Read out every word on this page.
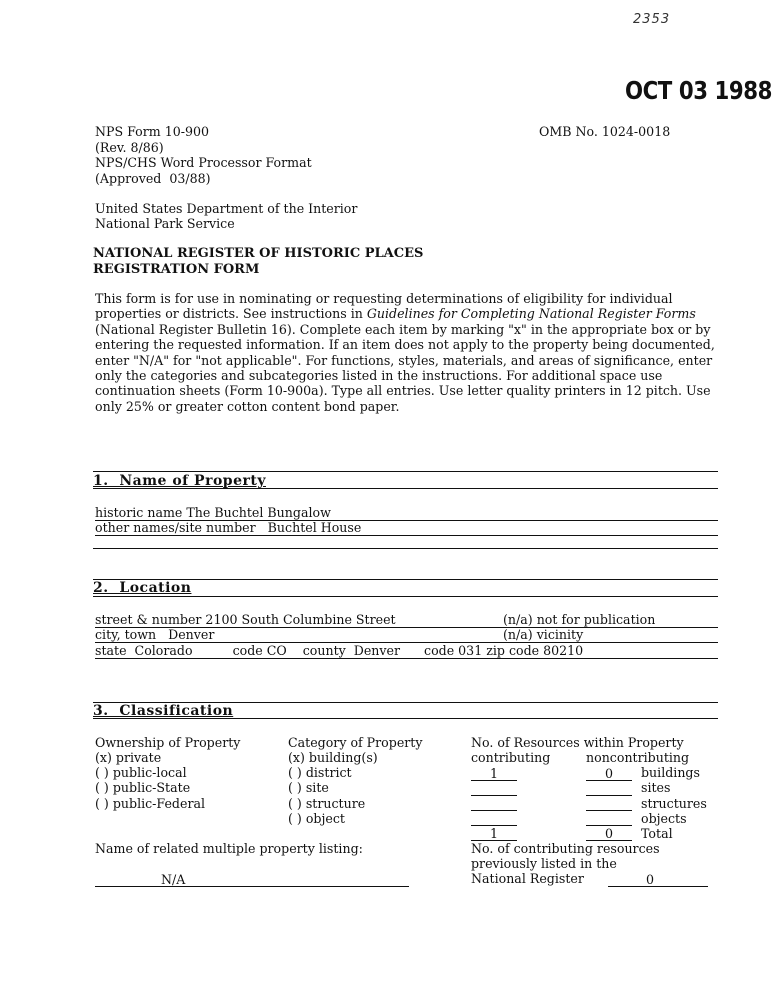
2353
OCT 03 1988
NPS Form 10-900
(Rev. 8/86)
NPS/CHS Word Processor Format
(Approved  03/88)
OMB No. 1024-0018
United States Department of the Interior
National Park Service
NATIONAL REGISTER OF HISTORIC PLACES
REGISTRATION FORM

This form is for use in nominating or requesting determinations of eligibility for individual properties or districts. See instructions in Guidelines for Completing National Register Forms (National Register Bulletin 16). Complete each item by marking "x" in the appropriate box or by entering the requested information. If an item does not apply to the property being documented, enter "N/A" for "not applicable". For functions, styles, materials, and areas of significance, enter only the categories and subcategories listed in the instructions. For additional space use continuation sheets (Form 10-900a). Type all entries. Use letter quality printers in 12 pitch. Use only 25% or greater cotton content bond paper.

1.  Name of Property
historic name The Buchtel Bungalow
other names/site number   Buchtel House
2.  Location
street & number 2100 South Columbine Street	(n/a) not for publication
city, town   Denver	(n/a) vicinity
state  Colorado          code CO    county  Denver      code 031 zip code 80210
3.  Classification
Ownership of Property
(x) private
( ) public-local
( ) public-State
( ) public-Federal
Category of Property
(x) building(s)
( ) district
( ) site
( ) structure
( ) object
No. of Resources within Property
contributing	noncontributing
1	0	buildings
sites
structures
objects
1	0	Total
Name of related multiple property listing:
N/A
No. of contributing resources
previously listed in the
National Register	0
